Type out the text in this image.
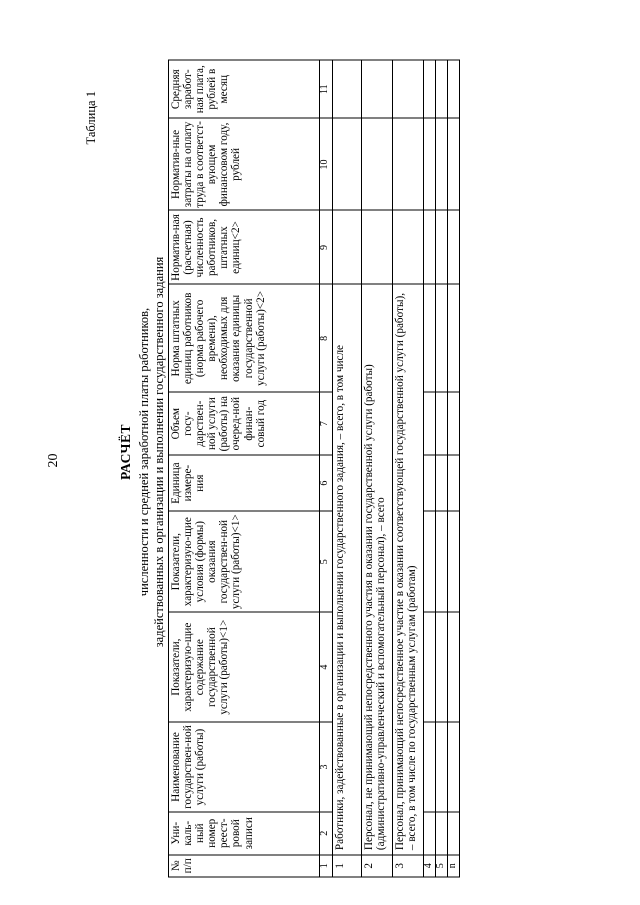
20
Таблица 1
РАСЧЁТ численности и средней заработной платы работников, задействованных в организации и выполнении государственного задания
№ п/п	Уни-каль-ный номер реест-ровой записи	Наименование государствен-ной услуги (работы)	Показатели, характеризую-щие содержание государственной услуги (работы)<1>	Показатели, характеризую-щие условия (формы) оказания государствен-ной услуги (работы)<1>	Единица измере-ния	Объем госу-дарствен-ной услуги (работы) на очеред-ной финан-совый год	Норма штатных единиц работников (норма рабочего времени), необходимых для оказания единицы государственной услуги (работы)<2>	Норматив-ная (расчетная) численность работников, штатных единиц<2>	Норматив-ные затраты на оплату труда в соответст-вующем финансовом году, рублей	Средняя заработ-ная плата, рублей в месяц
1	2	3	4	5	6	7	8	9	10	11
1	Работники, задействованные в организации и выполнении государственного задания, – всего, в том числе									
2	Персонал, не принимающий непосредственного участия в оказании государственной услуги (работы) (административно-управленческий и вспомогательный персонал), – всего									
3	Персонал, принимающий непосредственное участие в оказании соответствующей государственной услуги (работы), – всего, в том числе по государственным услугам (работам)									
4										
5										
n										
